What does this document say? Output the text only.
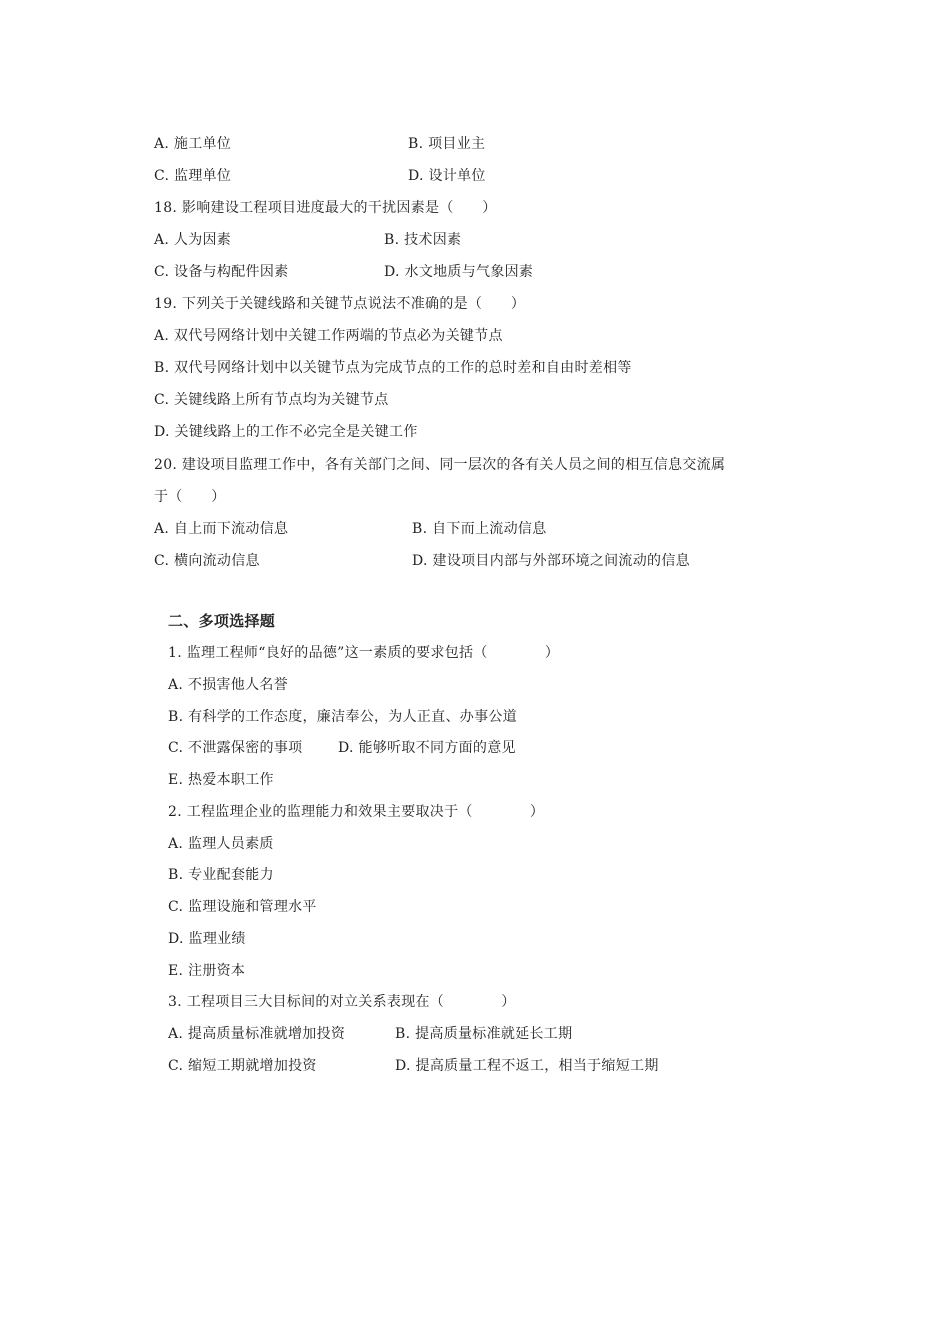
A. 施工单位	B. 项目业主
C. 监理单位	D. 设计单位
18. 影响建设工程项目进度最大的干扰因素是（　　）
A. 人为因素	B. 技术因素
C. 设备与构配件因素	D. 水文地质与气象因素
19. 下列关于关键线路和关键节点说法不准确的是（　　）
A. 双代号网络计划中关键工作两端的节点必为关键节点
B. 双代号网络计划中以关键节点为完成节点的工作的总时差和自由时差相等
C. 关键线路上所有节点均为关键节点
D. 关键线路上的工作不必完全是关键工作
20. 建设项目监理工作中，各有关部门之间、同一层次的各有关人员之间的相互信息交流属
于（　　）
A. 自上而下流动信息	B. 自下而上流动信息
C. 横向流动信息	D. 建设项目内部与外部环境之间流动的信息
二、多项选择题
1. 监理工程师“良好的品德”这一素质的要求包括（　　　　）
A. 不损害他人名誉
B. 有科学的工作态度，廉洁奉公，为人正直、办事公道
C. 不泄露保密的事项	D. 能够听取不同方面的意见
E. 热爱本职工作
2. 工程监理企业的监理能力和效果主要取决于（　　　　）
A. 监理人员素质
B. 专业配套能力
C. 监理设施和管理水平
D. 监理业绩
E. 注册资本
3. 工程项目三大目标间的对立关系表现在（　　　　）
A. 提高质量标准就增加投资	B. 提高质量标准就延长工期
C. 缩短工期就增加投资	D. 提高质量工程不返工，相当于缩短工期
